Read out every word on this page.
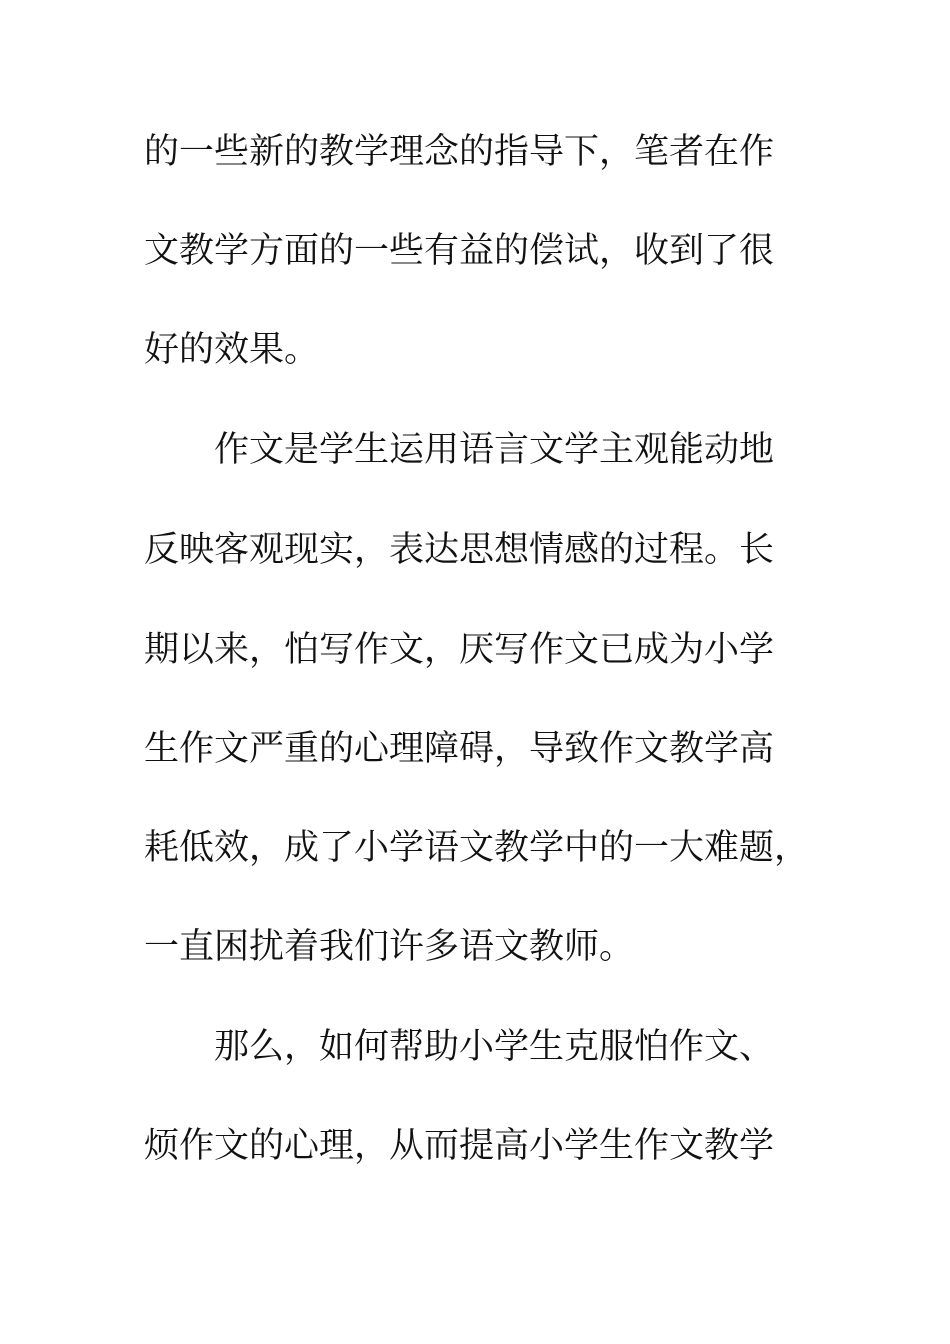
的一些新的教学理念的指导下，笔者在作
文教学方面的一些有益的偿试，收到了很
好的效果。
作文是学生运用语言文学主观能动地
反映客观现实，表达思想情感的过程。长
期以来，怕写作文，厌写作文已成为小学
生作文严重的心理障碍，导致作文教学高
耗低效，成了小学语文教学中的一大难题，
一直困扰着我们许多语文教师。
那么，如何帮助小学生克服怕作文、
烦作文的心理，从而提高小学生作文教学
